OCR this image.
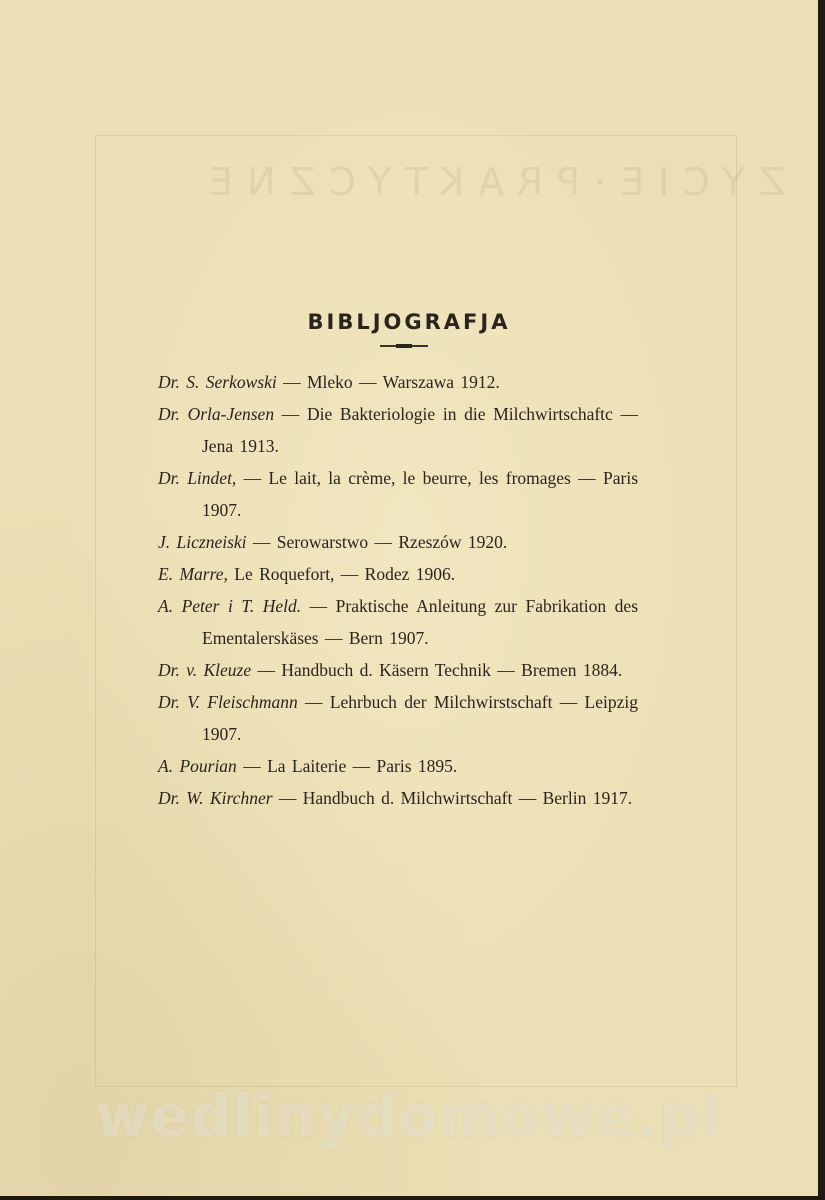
ZYCIE·PRAKTYCZNE
BIBLJOGRAFJA
Dr. S. Serkowski — Mleko — Warszawa 1912.
Dr. Orla-Jensen — Die Bakteriologie in die Milchwirtschaftc — Jena 1913.
Dr. Lindet, — Le lait, la crème, le beurre, les fromages — Paris 1907.
J. Liczneiski — Serowarstwo — Rzeszów 1920.
E. Marre, Le Roquefort, — Rodez 1906.
A. Peter i T. Held. — Praktische Anleitung zur Fabrikation des Ementalerskäses — Bern 1907.
Dr. v. Kleuze — Handbuch d. Käsern Technik — Bremen 1884.
Dr. V. Fleischmann — Lehrbuch der Milchwirstschaft — Leipzig 1907.
A. Pourian — La Laiterie — Paris 1895.
Dr. W. Kirchner — Handbuch d. Milchwirtschaft — Berlin 1917.
wedlinydomowe.pl
